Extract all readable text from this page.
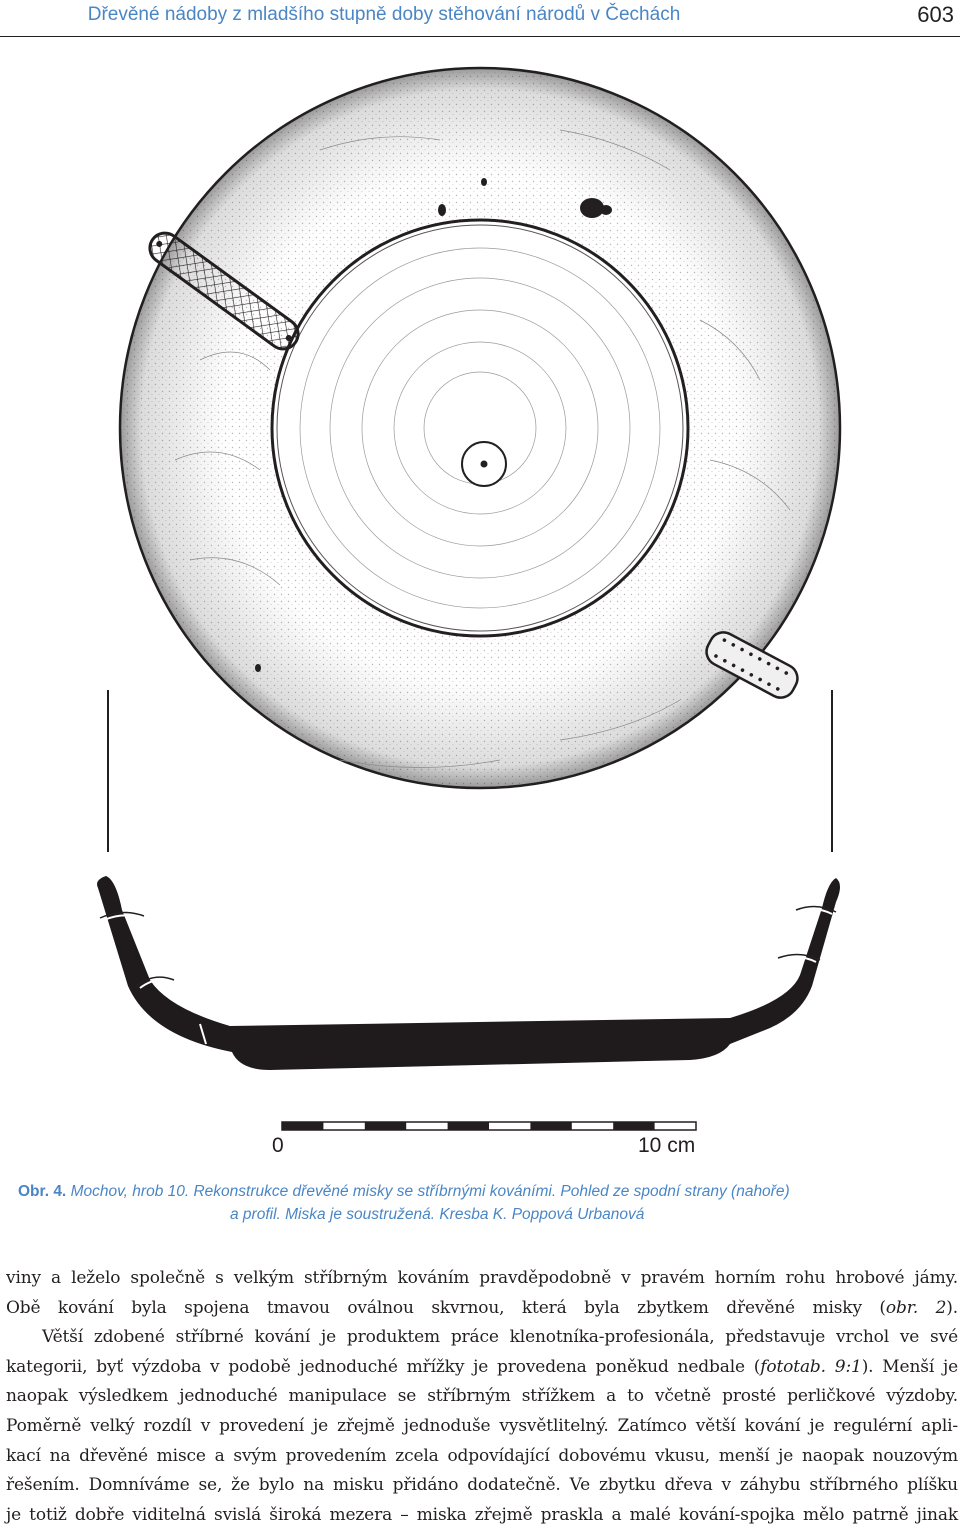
Dřevěné nádoby z mladšího stupně doby stěhování národů v Čechách	603
0	10 cm
Obr. 4. Mochov, hrob 10. Rekonstrukce dřevěné misky se stříbrnými kováními. Pohled ze spodní strany (nahoře)
a profil. Miska je soustružená. Kresba K. Poppová Urbanová

viny a leželo společně s velkým stříbrným kováním pravděpodobně v pravém horním rohu hrobové jámy.

Obě kování byla spojena tmavou oválnou skvrnou, která byla zbytkem dřevěné misky (obr. 2).

Větší zdobené stříbrné kování je produktem práce klenotníka-profesionála, představuje vrchol ve své

kategorii, byť výzdoba v podobě jednoduché mřížky je provedena poněkud nedbale (fototab. 9:1). Menší je

naopak výsledkem jednoduché manipulace se stříbrným střížkem a to včetně prosté perličkové výzdoby.

Poměrně velký rozdíl v provedení je zřejmě jednoduše vysvětlitelný. Zatímco větší kování je regulérní apli-

kací na dřevěné misce a svým provedením zcela odpovídající dobovému vkusu, menší je naopak nouzovým

řešením. Domníváme se, že bylo na misku přidáno dodatečně. Ve zbytku dřeva v záhybu stříbrného plíšku

je totiž dobře viditelná svislá široká mezera – miska zřejmě praskla a malé kování-spojka mělo patrně jinak
